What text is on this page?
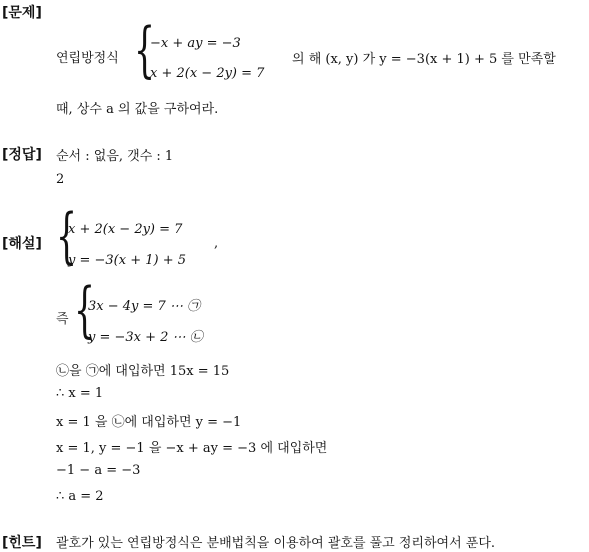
[문제]
연립방정식 {
−x + ay = −3
x + 2(x − 2y) = 7
의 해 (x, y) 가 y = −3(x + 1) + 5 를 만족할
때, 상수 a 의 값을 구하여라.
[정답] 순서 : 없음, 갯수 : 1
2
[해설] {
x + 2(x − 2y) = 7
y = −3(x + 1) + 5
,
즉 {
3x − 4y = 7 ⋯ ㉠
y = −3x + 2 ⋯ ㉡
㉡을 ㉠에 대입하면 15x = 15
∴ x = 1
x = 1 을 ㉡에 대입하면 y = −1
x = 1, y = −1 을 −x + ay = −3 에 대입하면
−1 − a = −3
∴ a = 2
[힌트] 괄호가 있는 연립방정식은 분배법칙을 이용하여 괄호를 풀고 정리하여서 푼다.
